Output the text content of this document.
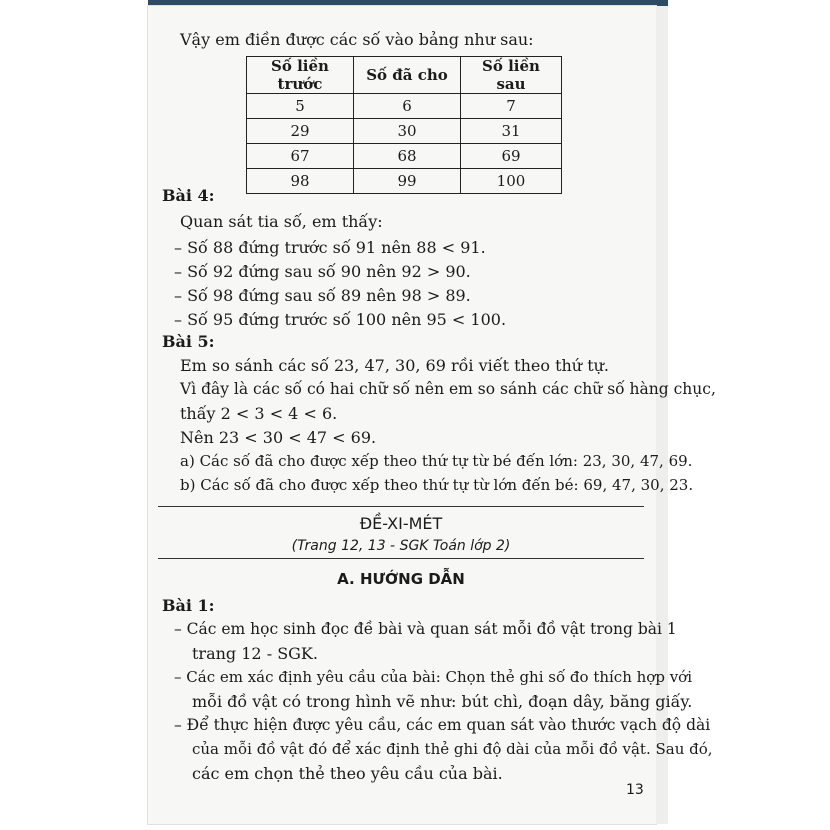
Vậy em điền được các số vào bảng như sau:
Số liền trước	Số đã cho	Số liền sau
5	6	7
29	30	31
67	68	69
98	99	100
Bài 4:
Quan sát tia số, em thấy:
– Số 88 đứng trước số 91 nên 88 < 91.
– Số 92 đứng sau số 90 nên 92 > 90.
– Số 98 đứng sau số 89 nên 98 > 89.
– Số 95 đứng trước số 100 nên 95 < 100.
Bài 5:
Em so sánh các số 23, 47, 30, 69 rồi viết theo thứ tự.
Vì đây là các số có hai chữ số nên em so sánh các chữ số hàng chục,
thấy 2 < 3 < 4 < 6.
Nên 23 < 30 < 47 < 69.
a) Các số đã cho được xếp theo thứ tự từ bé đến lớn: 23, 30, 47, 69.
b) Các số đã cho được xếp theo thứ tự từ lớn đến bé: 69, 47, 30, 23.
ĐỀ-XI-MÉT
(Trang 12, 13 - SGK Toán lớp 2)
A. HƯỚNG DẪN
Bài 1:
– Các em học sinh đọc đề bài và quan sát mỗi đồ vật trong bài 1
trang 12 - SGK.
– Các em xác định yêu cầu của bài: Chọn thẻ ghi số đo thích hợp với
mỗi đồ vật có trong hình vẽ như: bút chì, đoạn dây, băng giấy.
– Để thực hiện được yêu cầu, các em quan sát vào thước vạch độ dài
của mỗi đồ vật đó để xác định thẻ ghi độ dài của mỗi đồ vật. Sau đó,
các em chọn thẻ theo yêu cầu của bài.
13
